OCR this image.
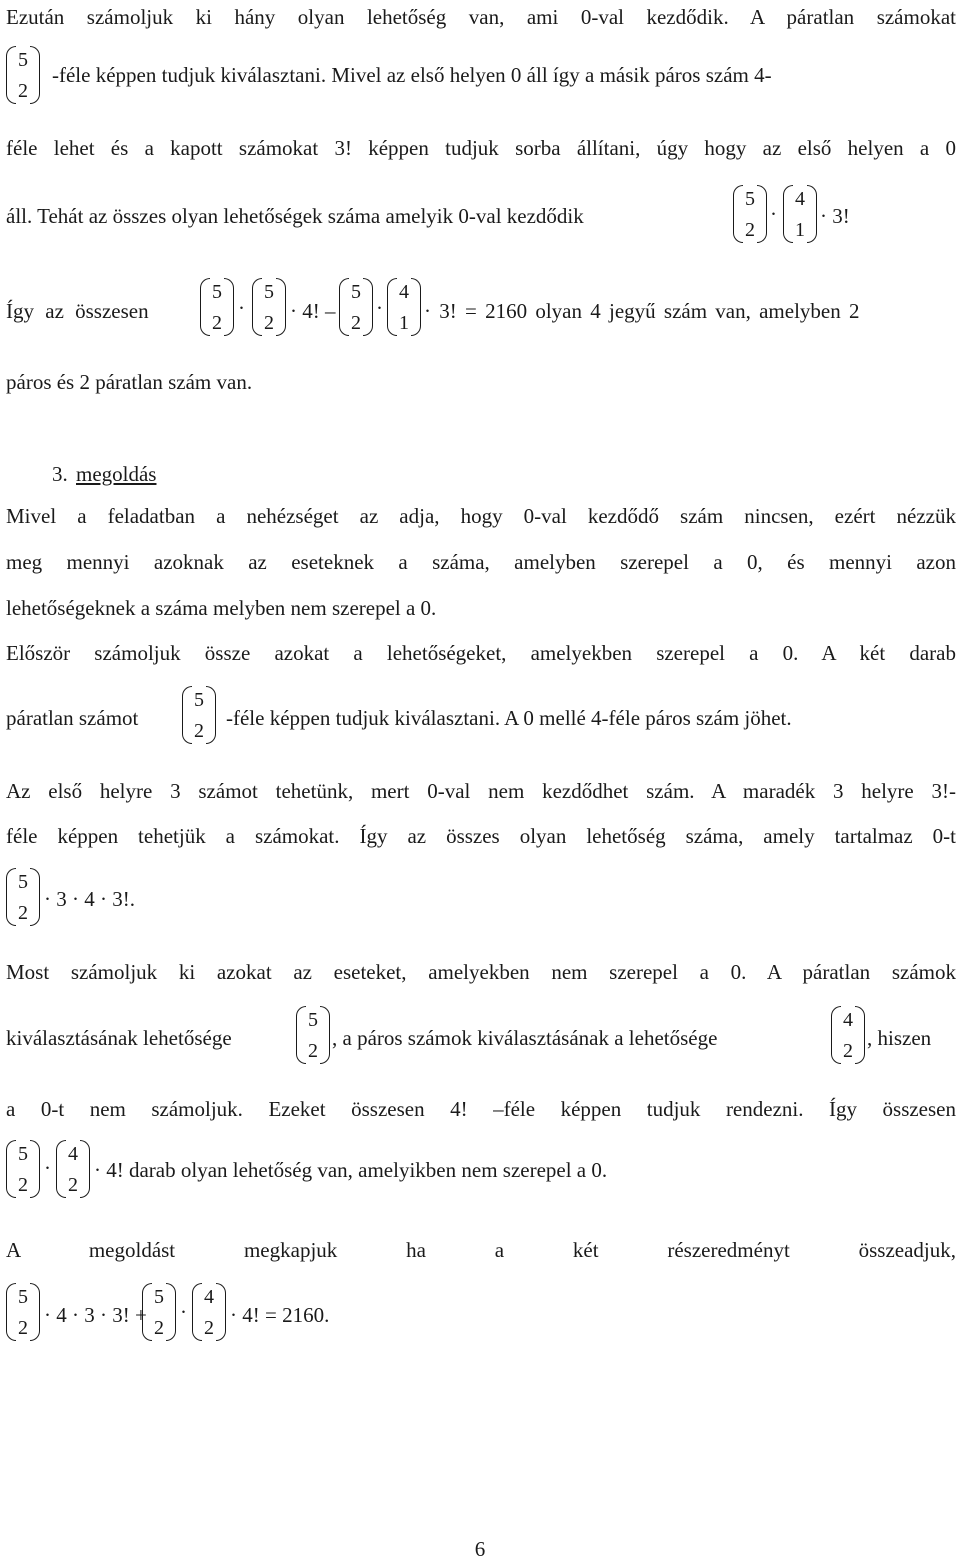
Ezután számoljuk ki hány olyan lehetőség van, ami 0-val kezdődik. A páratlan számokat
5
2
-féle képpen tudjuk kiválasztani. Mivel az első helyen 0 áll így a másik páros szám 4-
féle lehet és a kapott számokat 3! képpen tudjuk sorba állítani, úgy hogy az első helyen a 0
áll. Tehát az összes olyan lehetőségek száma amelyik 0-val kezdődik
5
2
·
4
1
· 3!
Így az összesen
5
2
·
5
2 · 4! –
5
2
·
4
1 · 3! = 2160 olyan 4 jegyű szám van, amelyben 2
páros és 2 páratlan szám van.
3. megoldás
Mivel a feladatban a nehézséget az adja, hogy 0-val kezdődő szám nincsen, ezért nézzük
meg mennyi azoknak az eseteknek a száma, amelyben szerepel a 0, és mennyi azon
lehetőségeknek a száma melyben nem szerepel a 0.
Először számoljuk össze azokat a lehetőségeket, amelyekben szerepel a 0. A két darab
páratlan számot
5
2
-féle képpen tudjuk kiválasztani. A 0 mellé 4-féle páros szám jöhet.
Az első helyre 3 számot tehetünk, mert 0-val nem kezdődhet szám. A maradék 3 helyre 3!-
féle képpen tehetjük a számokat. Így az összes olyan lehetőség száma, amely tartalmaz 0-t
5
2
· 3 · 4 · 3!.
Most számoljuk ki azokat az eseteket, amelyekben nem szerepel a 0. A páratlan számok
kiválasztásának lehetősége
5
2
, a páros számok kiválasztásának a lehetősége
4
2
, hiszen
a 0-t nem számoljuk. Ezeket összesen 4! –féle képpen tudjuk rendezni. Így összesen
5
2
·
4
2
· 4! darab olyan lehetőség van, amelyikben nem szerepel a 0.
A megoldást megkapjuk ha a két részeredményt összeadjuk,
5
2
· 4 · 3 · 3! +
5
2
·
4
2
· 4! = 2160.
6
